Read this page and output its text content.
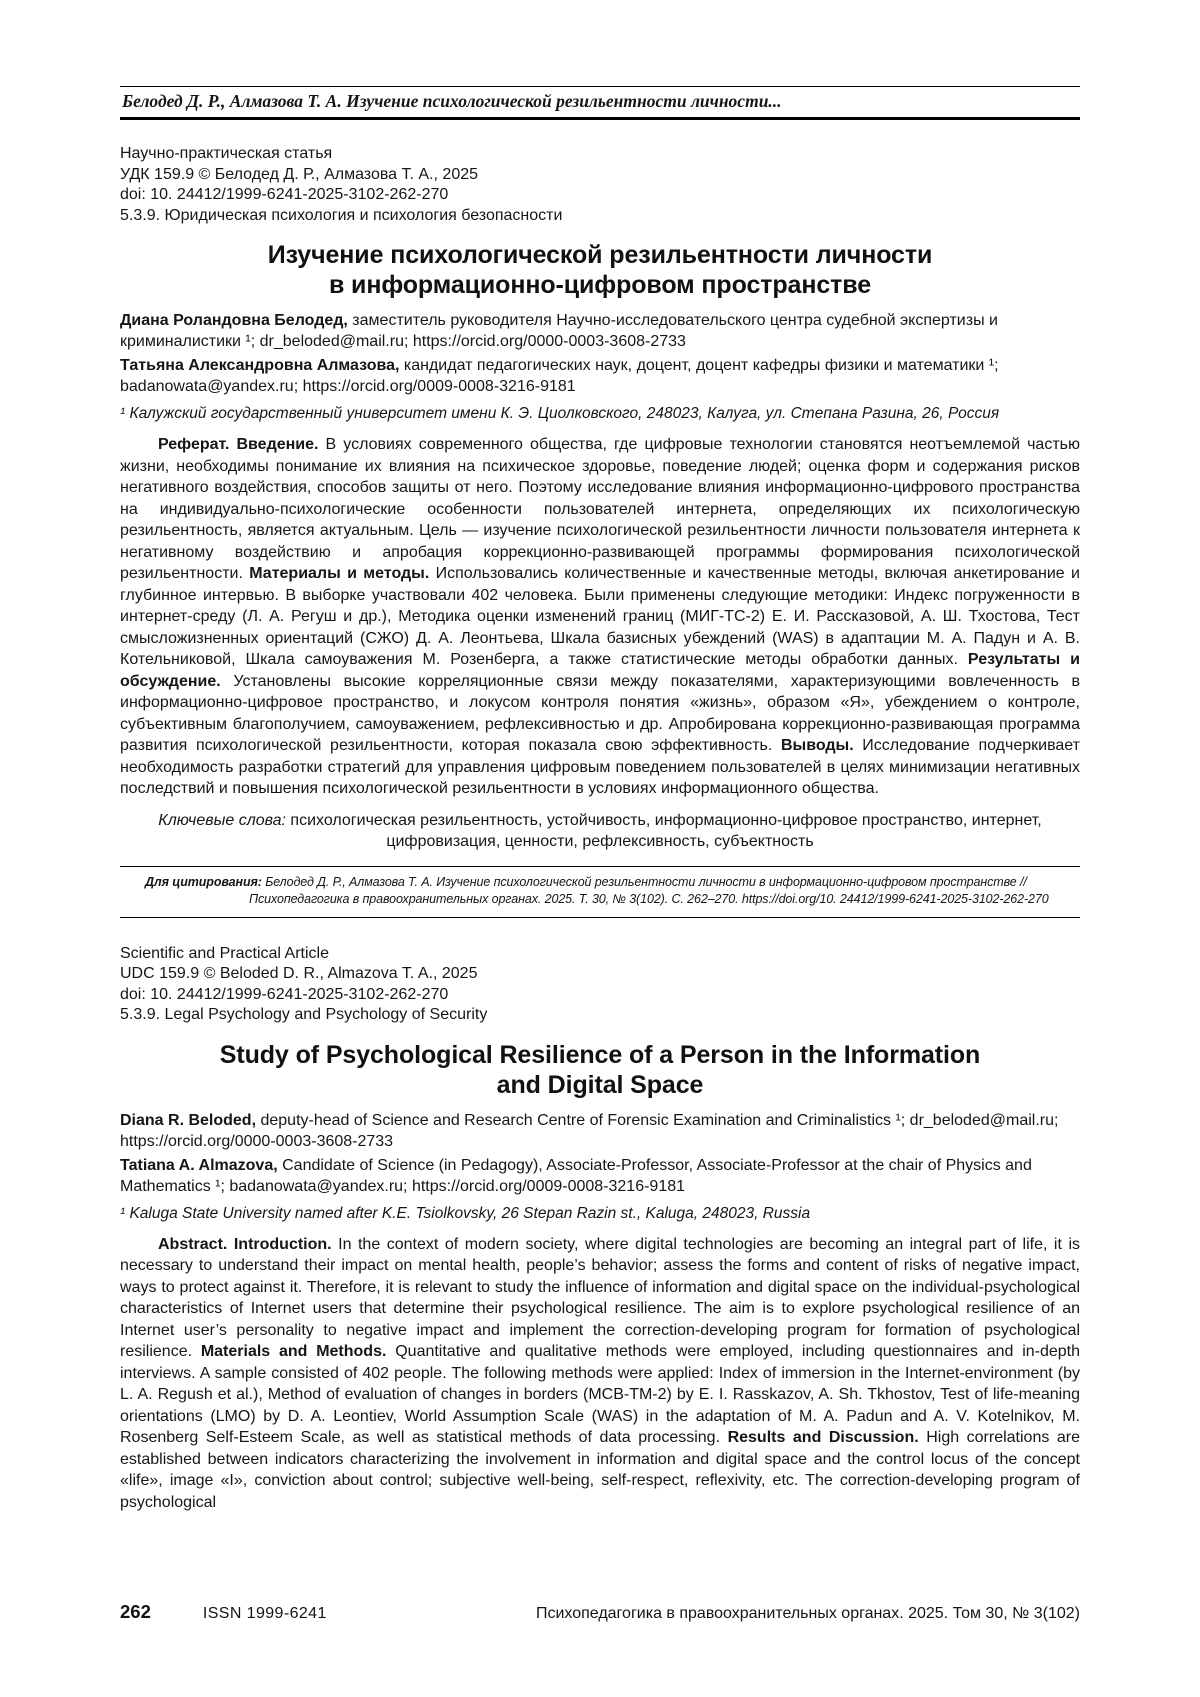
Белодед Д. Р., Алмазова Т. А. Изучение психологической резильентности личности...

Научно-практическая статья

УДК 159.9 © Белодед Д. Р., Алмазова Т. А., 2025

doi: 10. 24412/1999-6241-2025-3102-262-270

5.3.9. Юридическая психология и психология безопасности

Изучение психологической резильентности личности
в информационно-цифровом пространстве

Диана Роландовна Белодед, заместитель руководителя Научно-исследовательского центра судебной экспертизы и криминалистики ¹; dr_beloded@mail.ru; https://orcid.org/0000-0003-3608-2733

Татьяна Александровна Алмазова, кандидат педагогических наук, доцент, доцент кафедры физики и математики ¹; badanowata@yandex.ru; https://orcid.org/0009-0008-3216-9181

¹ Калужский государственный университет имени К. Э. Циолковского, 248023, Калуга, ул. Степана Разина, 26, Россия

Реферат. Введение. В условиях современного общества, где цифровые технологии становятся неотъемлемой частью жизни, необходимы понимание их влияния на психическое здоровье, поведение людей; оценка форм и содержания рисков негативного воздействия, способов защиты от него. Поэтому исследование влияния информационно-цифрового пространства на индивидуально-психологические особенности пользователей интернета, определяющих их психологическую резильентность, является актуальным. Цель — изучение психологической резильентности личности пользователя интернета к негативному воздействию и апробация коррекционно-развивающей программы формирования психологической резильентности. Материалы и методы. Использовались количественные и качественные методы, включая анкетирование и глубинное интервью. В выборке участвовали 402 человека. Были применены следующие методики: Индекс погруженности в интернет-среду (Л. А. Регуш и др.), Методика оценки изменений границ (МИГ-ТС-2) Е. И. Рассказовой, А. Ш. Тхостова, Тест смысложизненных ориентаций (СЖО) Д. А. Леонтьева, Шкала базисных убеждений (WAS) в адаптации М. А. Падун и А. В. Котельниковой, Шкала самоуважения М. Розенберга, а также статистические методы обработки данных. Результаты и обсуждение. Установлены высокие корреляционные связи между показателями, характеризующими вовлеченность в информационно-цифровое пространство, и локусом контроля понятия «жизнь», образом «Я», убеждением о контроле, субъективным благополучием, самоуважением, рефлексивностью и др. Апробирована коррекционно-развивающая программа развития психологической резильентности, которая показала свою эффективность. Выводы. Исследование подчеркивает необходимость разработки стратегий для управления цифровым поведением пользователей в целях минимизации негативных последствий и повышения психологической резильентности в условиях информационного общества.

Ключевые слова: психологическая резильентность, устойчивость, информационно-цифровое пространство, интернет, цифровизация, ценности, рефлексивность, субъектность

Для цитирования: Белодед Д. Р., Алмазова Т. А. Изучение психологической резильентности личности в информационно-цифровом пространстве // Психопедагогика в правоохранительных органах. 2025. Т. 30, № 3(102). С. 262–270. https://doi.org/10. 24412/1999-6241-2025-3102-262-270

Scientific and Practical Article

UDC 159.9 © Beloded D. R., Almazova T. A., 2025

doi: 10. 24412/1999-6241-2025-3102-262-270

5.3.9. Legal Psychology and Psychology of Security

Study of Psychological Resilience of a Person in the Information
and Digital Space

Diana R. Beloded, deputy-head of Science and Research Centre of Forensic Examination and Criminalistics ¹; dr_beloded@mail.ru; https://orcid.org/0000-0003-3608-2733

Tatiana A. Almazova, Candidate of Science (in Pedagogy), Associate-Professor, Associate-Professor at the chair of Physics and Mathematics ¹; badanowata@yandex.ru; https://orcid.org/0009-0008-3216-9181

¹ Kaluga State University named after K.E. Tsiolkovsky, 26 Stepan Razin st., Kaluga, 248023, Russia

Abstract. Introduction. In the context of modern society, where digital technologies are becoming an integral part of life, it is necessary to understand their impact on mental health, people’s behavior; assess the forms and content of risks of negative impact, ways to protect against it. Therefore, it is relevant to study the influence of information and digital space on the individual-psychological characteristics of Internet users that determine their psychological resilience. The aim is to explore psychological resilience of an Internet user’s personality to negative impact and implement the correction-developing program for formation of psychological resilience. Materials and Methods. Quantitative and qualitative methods were employed, including questionnaires and in-depth interviews. A sample consisted of 402 people. The following methods were applied: Index of immersion in the Internet-environment (by L. A. Regush et al.), Method of evaluation of changes in borders (MCB-TM-2) by E. I. Rasskazov, A. Sh. Tkhostov, Test of life-meaning orientations (LMO) by D. A. Leontiev, World Assumption Scale (WAS) in the adaptation of M. A. Padun and A. V. Kotelnikov, M. Rosenberg Self-Esteem Scale, as well as statistical methods of data processing. Results and Discussion. High correlations are established between indicators characterizing the involvement in information and digital space and the control locus of the concept «life», image «I», conviction about control; subjective well-being, self-respect, reflexivity, etc. The correction-developing program of psychological

262	ISSN 1999-6241	Психопедагогика в правоохранительных органах. 2025. Том 30, № 3(102)
